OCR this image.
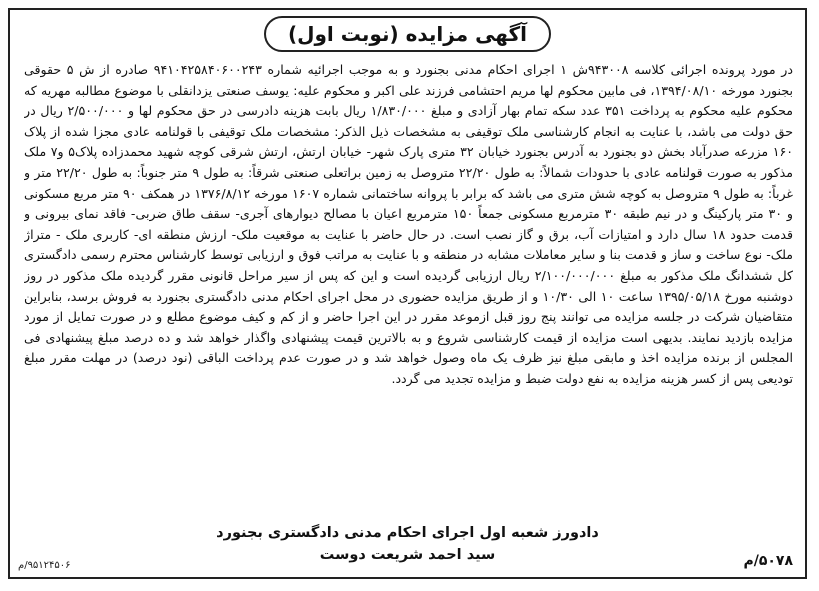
آگهی مزایده (نوبت اول)
در مورد پرونده اجرائی کلاسه ۹۴۳۰۰۸ش ۱ اجرای احکام مدنی بجنورد و به موجب اجرائیه شماره ۹۴۱۰۴۲۵۸۴۰۶۰۰۲۴۳ صادره از ش ۵ حقوقی بجنورد مورخه ۱۳۹۴/۰۸/۱۰، فی مابین محکوم لها مریم احتشامی فرزند علی اکبر و محکوم علیه: یوسف صنعتی یزدانقلی با موضوع مطالبه مهریه که محکوم علیه محکوم به پرداخت ۳۵۱ عدد سکه تمام بهار آزادی و مبلغ ۱/۸۳۰/۰۰۰ ریال بابت هزینه دادرسی در حق محکوم لها و ۲/۵۰۰/۰۰۰ ریال در حق دولت می باشد، با عنایت به انجام کارشناسی ملک توقیفی به مشخصات ذیل الذکر: مشخصات ملک توقیفی با قولنامه عادی مجزا شده از پلاک ۱۶۰ مزرعه صدرآباد بخش دو بجنورد به آدرس بجنورد خیابان ۳۲ متری پارک شهر- خیابان ارتش، ارتش شرقی کوچه شهید محمدزاده پلاک۵ و۷ ملک مذکور به صورت قولنامه عادی با حدودات شمالاً: به طول ۲۲/۲۰ متروصل به زمین براتعلی صنعتی شرقاً: به طول ۹ متر جنوباً: به طول ۲۲/۲۰ متر و غرباً: به طول ۹ متروصل به کوچه شش متری می باشد که برابر با پروانه ساختمانی شماره ۱۶۰۷ مورخه ۱۳۷۶/۸/۱۲ در همکف ۹۰ متر مربع مسکونی و ۳۰ متر پارکینگ و در نیم طبقه ۳۰ مترمربع مسکونی جمعاً ۱۵۰ مترمربع اعیان با مصالح دیوارهای آجری- سقف طاق ضربی- فاقد نمای بیرونی و قدمت حدود ۱۸ سال دارد و امتیازات آب، برق و گاز نصب است. در حال حاضر با عنایت به موقعیت ملک- ارزش منطقه ای- کاربری ملک - متراژ ملک- نوع ساخت و ساز و قدمت بنا و سایر معاملات مشابه در منطقه و با عنایت به مراتب فوق و ارزیابی توسط کارشناس محترم رسمی دادگستری کل ششدانگ ملک مذکور به مبلغ ۲/۱۰۰/۰۰۰/۰۰۰ ریال ارزیابی گردیده است و این که پس از سیر مراحل قانونی مقرر گردیده ملک مذکور در روز دوشنبه مورخ ۱۳۹۵/۰۵/۱۸ ساعت ۱۰ الی ۱۰/۳۰ و از طریق مزایده حضوری در محل اجرای احکام مدنی دادگستری بجنورد به فروش برسد، بنابراین متقاضیان شرکت در جلسه مزایده می توانند پنج روز قبل ازموعد مقرر در این اجرا حاضر و از کم و کیف موضوع مطلع و در صورت تمایل از مورد مزایده بازدید نمایند. بدیهی است مزایده از قیمت کارشناسی شروع و به بالاترین قیمت پیشنهادی واگذار خواهد شد و ده درصد مبلغ پیشنهادی فی المجلس از برنده مزایده اخذ و مابقی مبلغ نیز ظرف یک ماه وصول خواهد شد و در صورت عدم پرداخت الباقی (نود درصد) در مهلت مقرر مبلغ تودیعی پس از کسر هزینه مزایده به نفع دولت ضبط و مزایده تجدید می گردد.
دادورز شعبه اول اجرای احکام مدنی دادگستری بجنورد
سید احمد شریعت دوست	۵۰۷۸/م
۹۵۱۲۴۵۰۶/م
